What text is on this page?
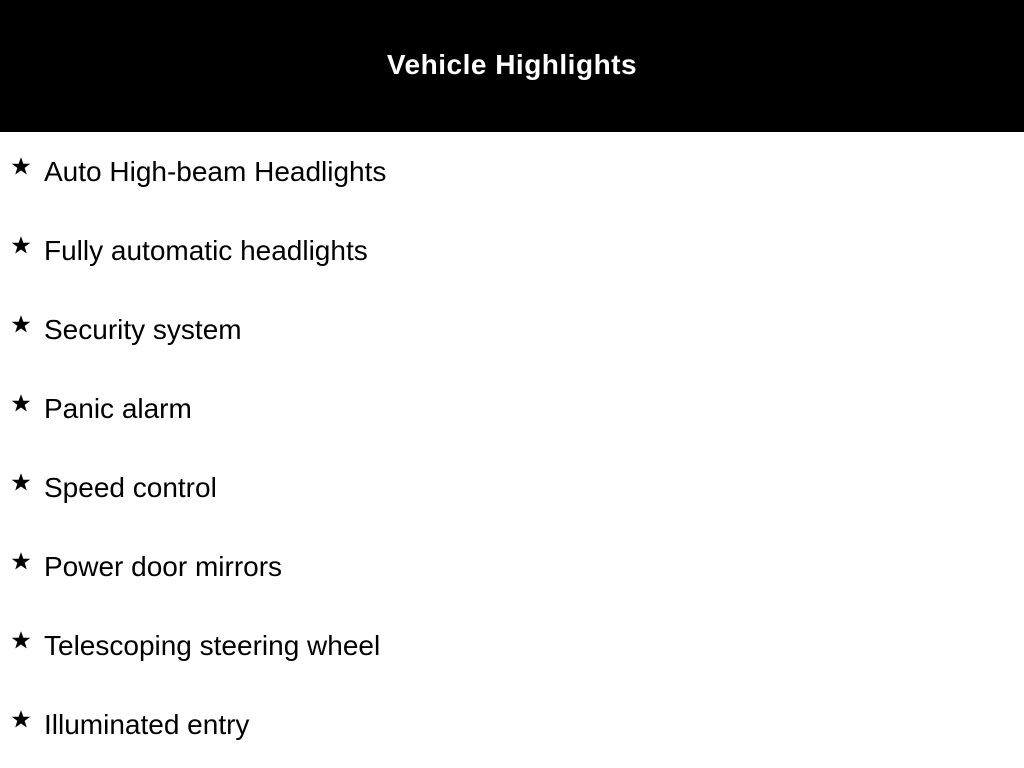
Vehicle Highlights
Auto High-beam Headlights
Fully automatic headlights
Security system
Panic alarm
Speed control
Power door mirrors
Telescoping steering wheel
Illuminated entry
